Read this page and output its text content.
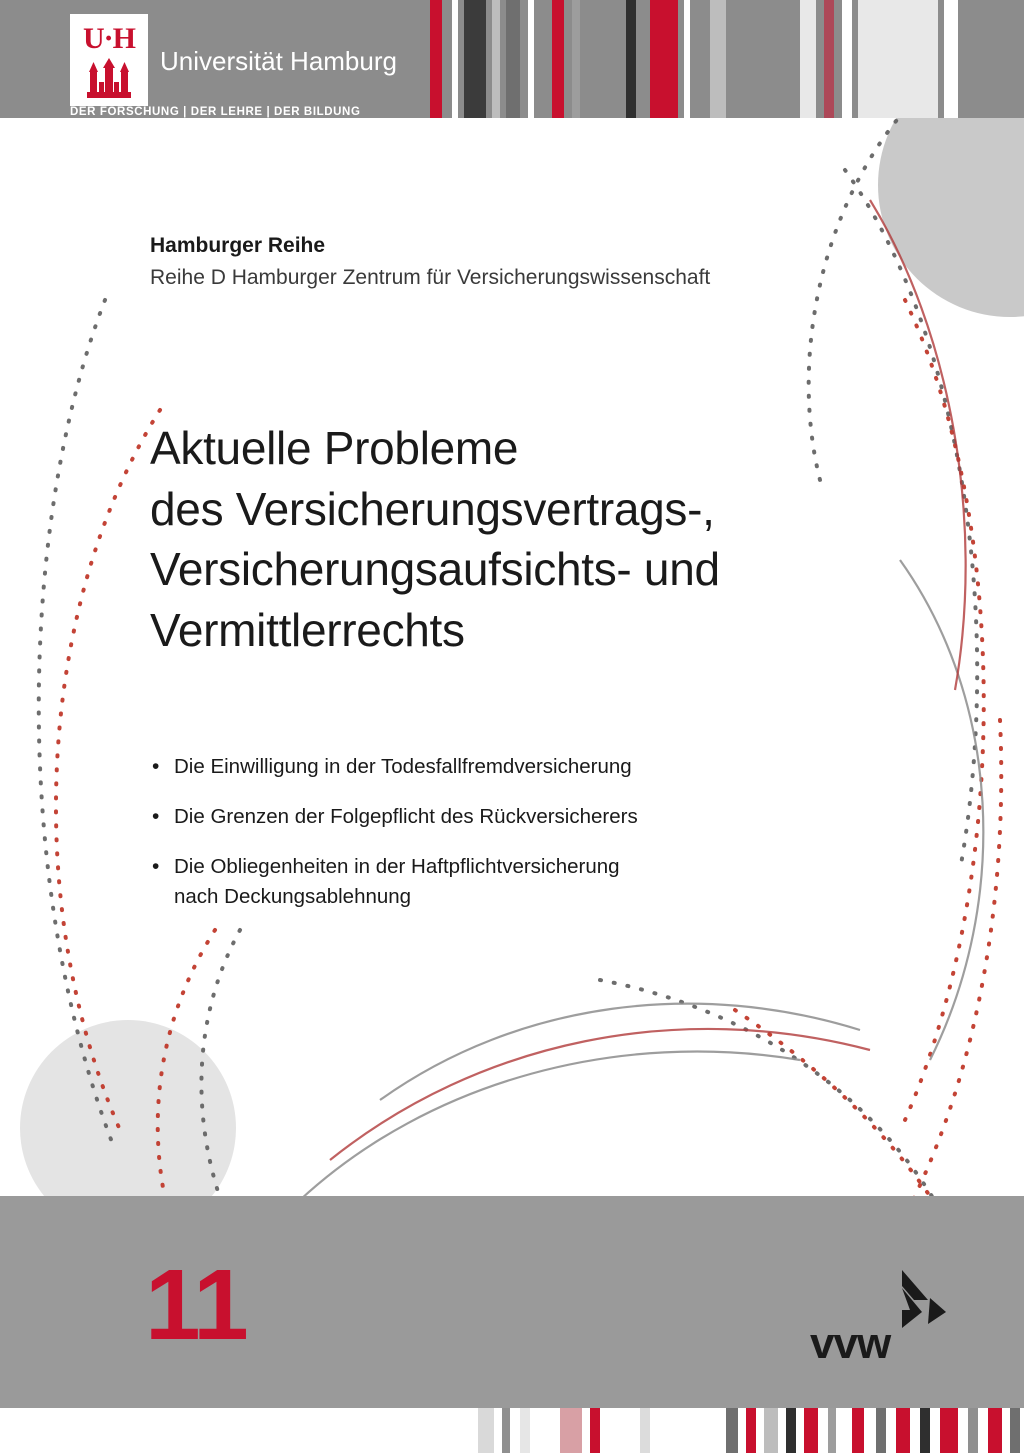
U·H
Universität Hamburg
DER FORSCHUNG | DER LEHRE | DER BILDUNG

Hamburger Reihe

Reihe D Hamburger Zentrum für Versicherungswissenschaft

Aktuelle Probleme
des Versicherungsvertrags-,
Versicherungsaufsichts- und
Vermittlerrechts
• Die Einwilligung in der Todesfallfremdversicherung
• Die Grenzen der Folgepflicht des Rückversicherers
• Die Obliegenheiten in der Haftpflichtversicherung
nach Deckungsablehnung
11	vvw
